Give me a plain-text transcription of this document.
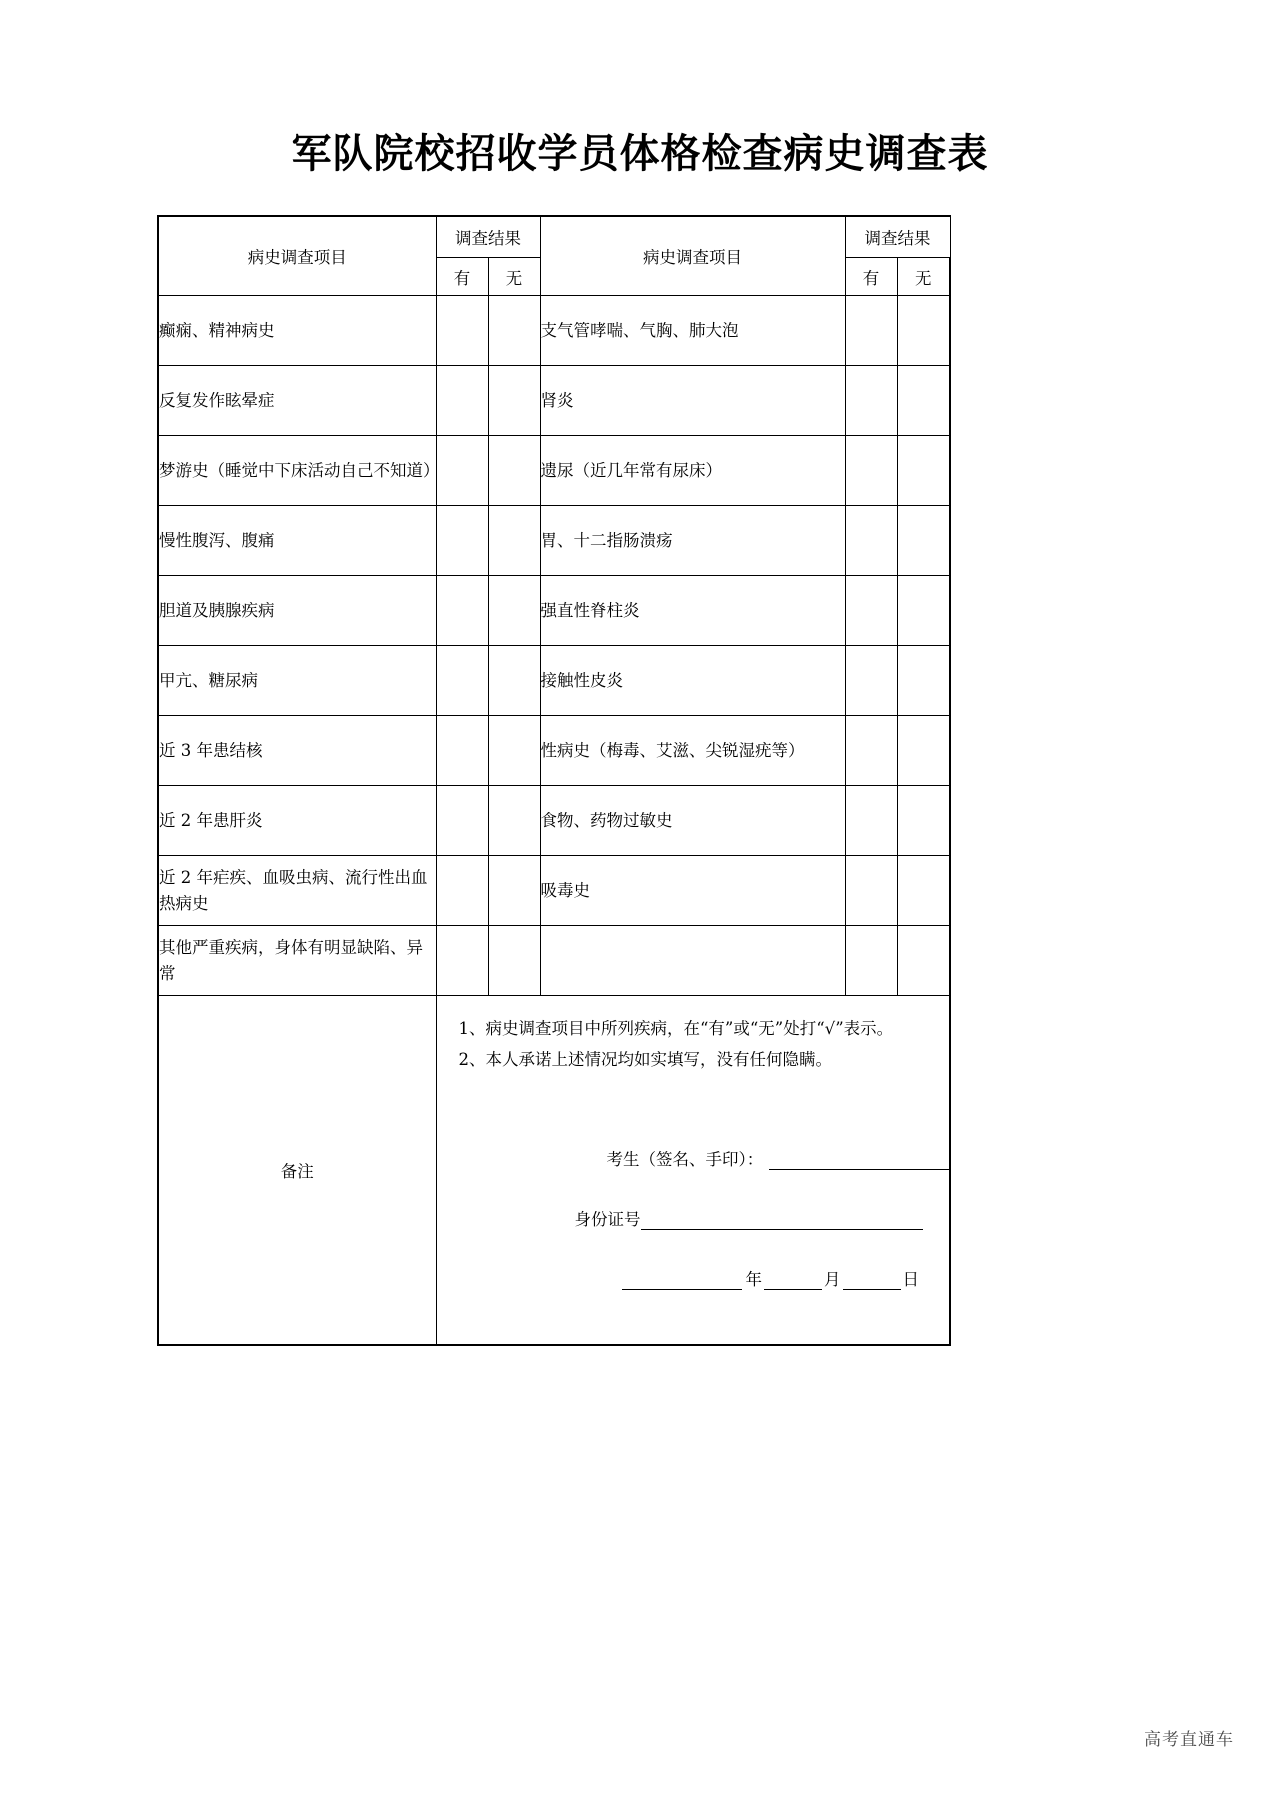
军队院校招收学员体格检查病史调查表
病史调查项目	调查结果		病史调查项目	调查结果	
	有	无		有	无
癫痫、精神病史			支气管哮喘、气胸、肺大泡		
反复发作眩晕症			肾炎		
梦游史（睡觉中下床活动自己不知道）			遗尿（近几年常有尿床）		
慢性腹泻、腹痛			胃、十二指肠溃疡		
胆道及胰腺疾病			强直性脊柱炎		
甲亢、糖尿病			接触性皮炎		
近 3 年患结核			性病史（梅毒、艾滋、尖锐湿疣等）		
近 2 年患肝炎			食物、药物过敏史		
近 2 年疟疾、血吸虫病、流行性出血热病史			吸毒史		
其他严重疾病，身体有明显缺陷、异常					
备注	
1、病史调查项目中所列疾病，在“有”或“无”处打“√”表示。
2、本人承诺上述情况均如实填写，没有任何隐瞒。
考生（签名、手印）：
身份证号
年	月	日
高考直通车
